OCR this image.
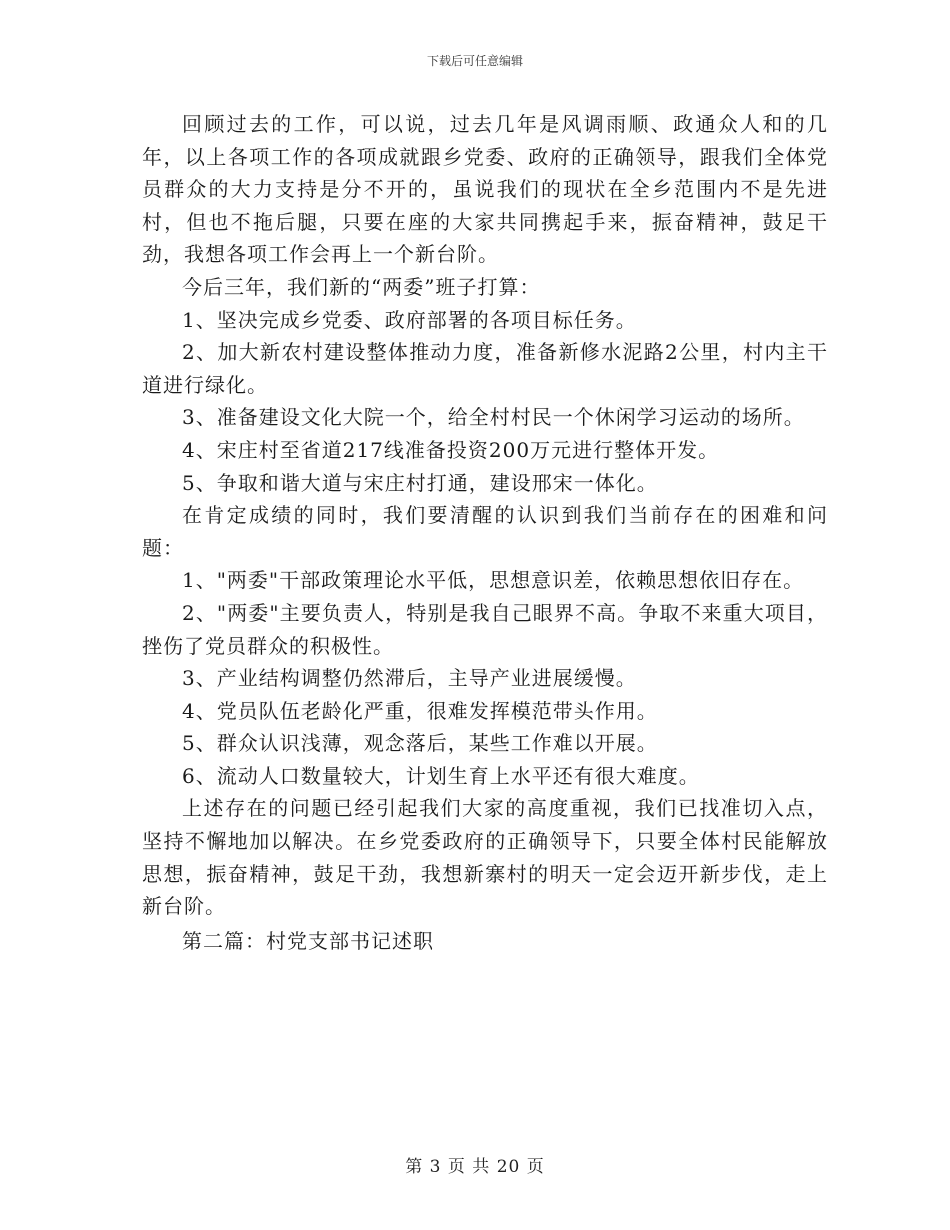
下载后可任意编辑

回顾过去的工作，可以说，过去几年是风调雨顺、政通众人和的几年，以上各项工作的各项成就跟乡党委、政府的正确领导，跟我们全体党员群众的大力支持是分不开的，虽说我们的现状在全乡范围内不是先进村，但也不拖后腿，只要在座的大家共同携起手来，振奋精神，鼓足干劲，我想各项工作会再上一个新台阶。

今后三年，我们新的“两委”班子打算：

1、坚决完成乡党委、政府部署的各项目标任务。

2、加大新农村建设整体推动力度，准备新修水泥路2公里，村内主干道进行绿化。

3、准备建设文化大院一个，给全村村民一个休闲学习运动的场所。

4、宋庄村至省道217线准备投资200万元进行整体开发。

5、争取和谐大道与宋庄村打通，建设邢宋一体化。

在肯定成绩的同时，我们要清醒的认识到我们当前存在的困难和问题：

1、"两委"干部政策理论水平低，思想意识差，依赖思想依旧存在。

2、"两委"主要负责人，特别是我自己眼界不高。争取不来重大项目，挫伤了党员群众的积极性。

3、产业结构调整仍然滞后，主导产业进展缓慢。

4、党员队伍老龄化严重，很难发挥模范带头作用。

5、群众认识浅薄，观念落后，某些工作难以开展。

6、流动人口数量较大，计划生育上水平还有很大难度。

上述存在的问题已经引起我们大家的高度重视，我们已找准切入点，坚持不懈地加以解决。在乡党委政府的正确领导下，只要全体村民能解放思想，振奋精神，鼓足干劲，我想新寨村的明天一定会迈开新步伐，走上新台阶。

第二篇：村党支部书记述职

第 3 页 共 20 页
